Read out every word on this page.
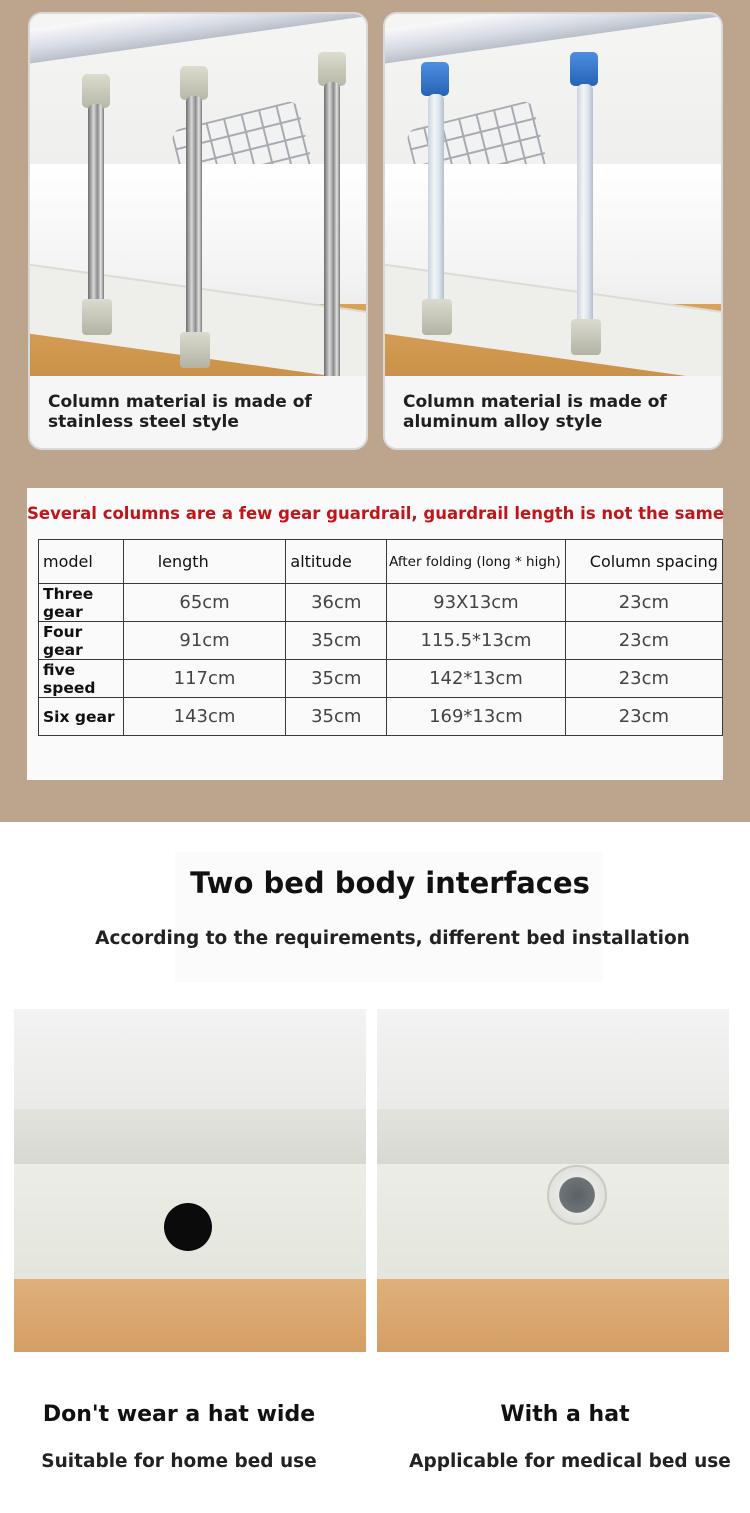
Column material is made of stainless steel style
Column material is made of aluminum alloy style
Several columns are a few gear guardrail, guardrail length is not the same
model	length	altitude	After folding (long * high)	Column spacing
Three gear	65cm	36cm	93X13cm	23cm
Four gear	91cm	35cm	115.5*13cm	23cm
five speed	117cm	35cm	142*13cm	23cm
Six gear	143cm	35cm	169*13cm	23cm
Two bed body interfaces
According to the requirements, different bed installation
Don't wear a hat wide
Suitable for home bed use
With a hat
Applicable for medical bed use
